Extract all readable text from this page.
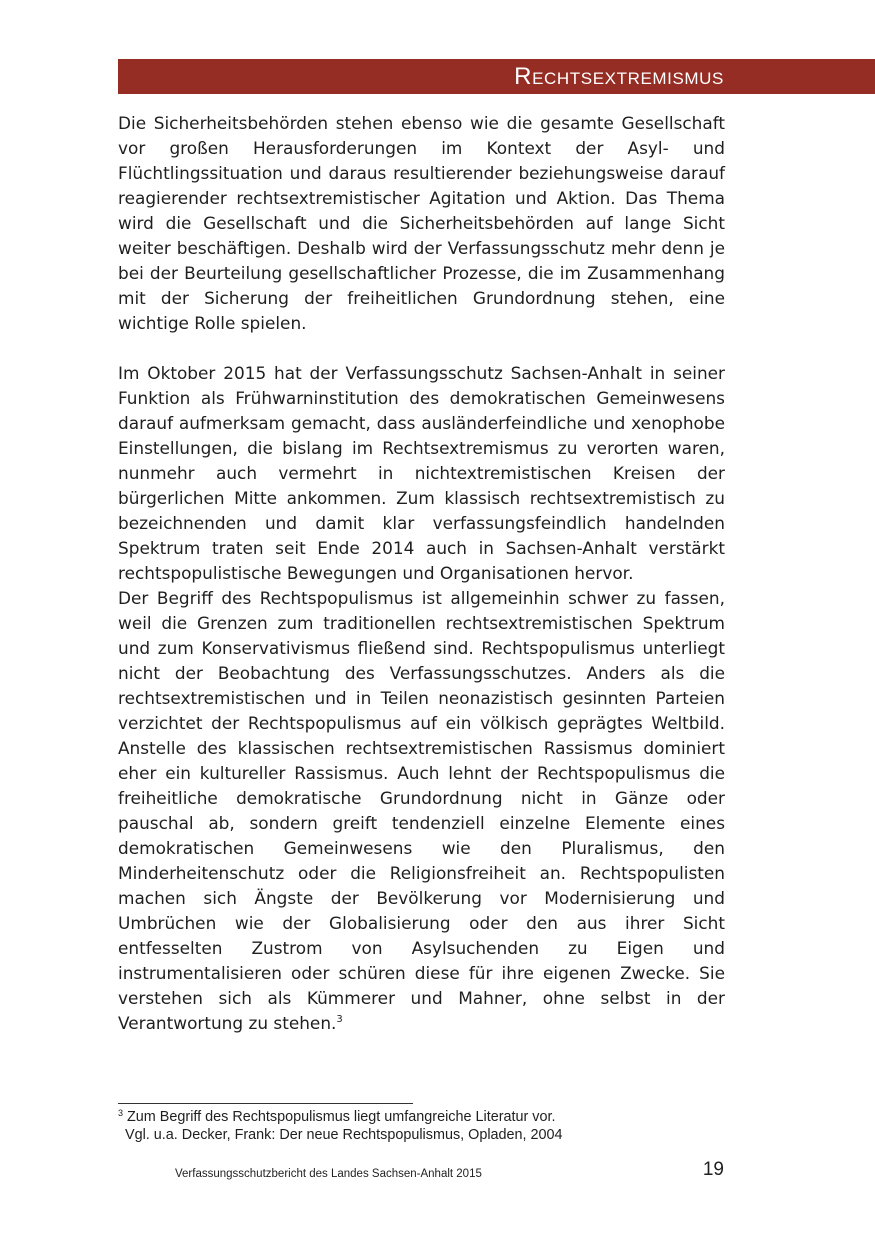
Rechtsextremismus

Die Sicherheitsbehörden stehen ebenso wie die gesamte Gesellschaft vor großen Herausforderungen im Kontext der Asyl- und Flüchtlingssituation und daraus resultierender beziehungsweise darauf reagierender rechtsextremistischer Agitation und Aktion. Das Thema wird die Gesellschaft und die Sicherheitsbehörden auf lange Sicht weiter beschäftigen. Deshalb wird der Verfassungsschutz mehr denn je bei der Beurteilung gesellschaftlicher Prozesse, die im Zusammenhang mit der Sicherung der freiheitlichen Grundordnung stehen, eine wichtige Rolle spielen.

Im Oktober 2015 hat der Verfassungsschutz Sachsen-Anhalt in seiner Funktion als Frühwarninstitution des demokratischen Gemeinwesens darauf aufmerksam gemacht, dass ausländerfeindliche und xenophobe Einstellungen, die bislang im Rechtsextremismus zu verorten waren, nunmehr auch vermehrt in nichtextremistischen Kreisen der bürgerlichen Mitte ankommen. Zum klassisch rechtsextremistisch zu bezeichnenden und damit klar verfassungsfeindlich handelnden Spektrum traten seit Ende 2014 auch in Sachsen-Anhalt verstärkt rechtspopulistische Bewegungen und Organisationen hervor.

Der Begriff des Rechtspopulismus ist allgemeinhin schwer zu fassen, weil die Grenzen zum traditionellen rechtsextremistischen Spektrum und zum Konservativismus fließend sind. Rechtspopulismus unterliegt nicht der Beobachtung des Verfassungsschutzes. Anders als die rechtsextremistischen und in Teilen neonazistisch gesinnten Parteien verzichtet der Rechtspopulismus auf ein völkisch geprägtes Weltbild. Anstelle des klassischen rechtsextremistischen Rassismus dominiert eher ein kultureller Rassismus. Auch lehnt der Rechtspopulismus die freiheitliche demokratische Grundordnung nicht in Gänze oder pauschal ab, sondern greift tendenziell einzelne Elemente eines demokratischen Gemeinwesens wie den Pluralismus, den Minderheitenschutz oder die Religionsfreiheit an. Rechtspopulisten machen sich Ängste der Bevölkerung vor Modernisierung und Umbrüchen wie der Globalisierung oder den aus ihrer Sicht entfesselten Zustrom von Asylsuchenden zu Eigen und instrumentalisieren oder schüren diese für ihre eigenen Zwecke. Sie verstehen sich als Kümmerer und Mahner, ohne selbst in der Verantwortung zu stehen.$^3$

$^3$ Zum Begriff des Rechtspopulismus liegt umfangreiche Literatur vor.
Vgl. u.a. Decker, Frank: Der neue Rechtspopulismus, Opladen, 2004
Verfassungsschutzbericht des Landes Sachsen-Anhalt 2015	19
